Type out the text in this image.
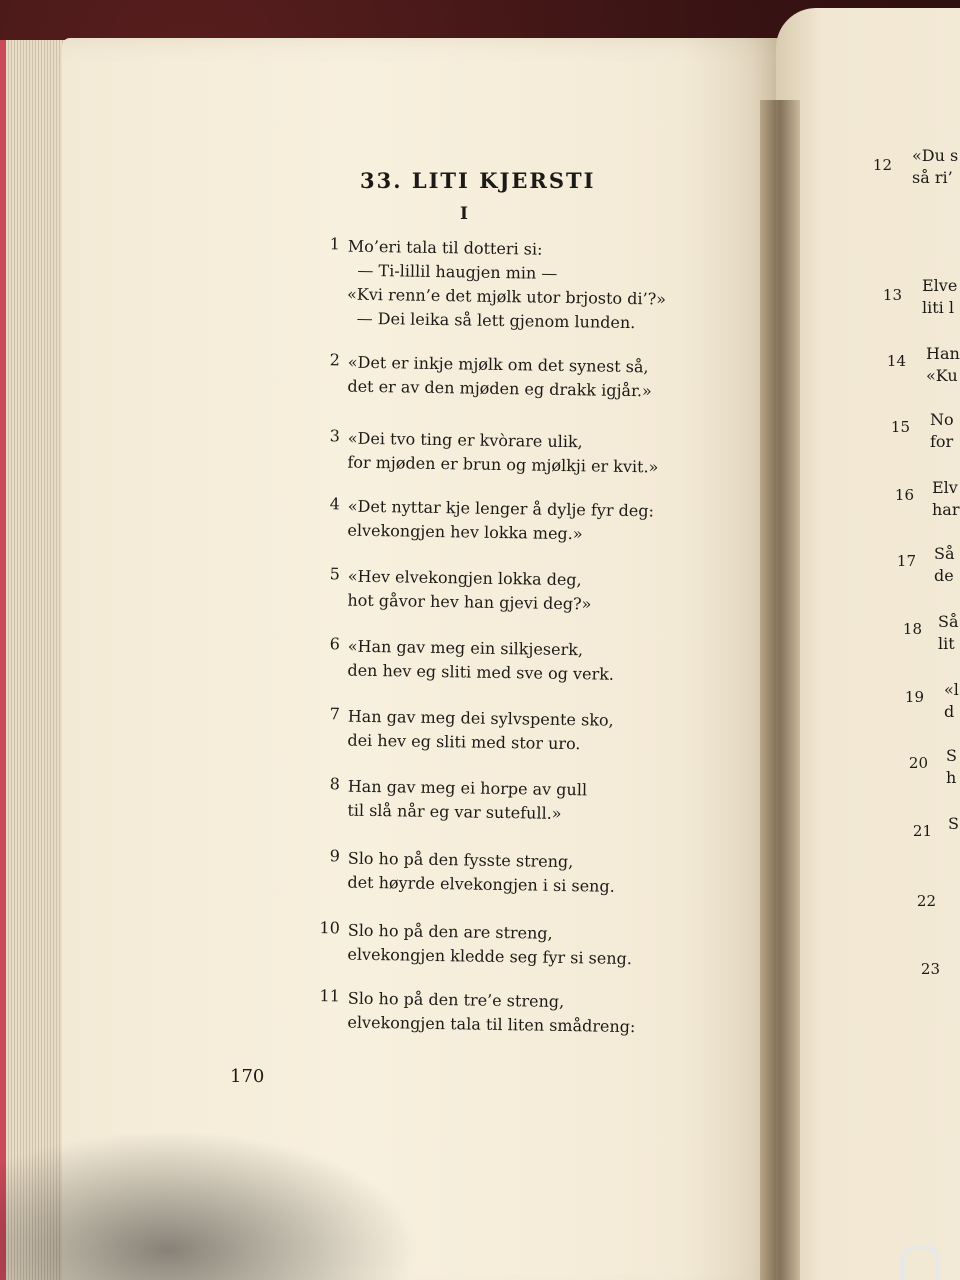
33. LITI KJERSTI
I
1 Mo’eri tala til dotteri si:
— Ti-lillil haugjen min —
«Kvi renn’e det mjølk utor brjosto di’?»
— Dei leika så lett gjenom lunden.
2 «Det er inkje mjølk om det synest så,
det er av den mjøden eg drakk igjår.»
3 «Dei tvo ting er kvòrare ulik,
for mjøden er brun og mjølkji er kvit.»
4 «Det nyttar kje lenger å dylje fyr deg:
elvekongjen hev lokka meg.»
5 «Hev elvekongjen lokka deg,
hot gåvor hev han gjevi deg?»
6 «Han gav meg ein silkjeserk,
den hev eg sliti med sve og verk.
7 Han gav meg dei sylvspente sko,
dei hev eg sliti med stor uro.
8 Han gav meg ei horpe av gull
til slå når eg var sutefull.»
9 Slo ho på den fysste streng,
det høyrde elvekongjen i si seng.
10 Slo ho på den are streng,
elvekongjen kledde seg fyr si seng.
11 Slo ho på den tre’e streng,
elvekongjen tala til liten smådreng:
170
12 «Du s
så ri’
13 Elve
liti l
14 Han
«Ku
15 No
for
16 Elv
har
17 Så
de
18 Så
lit
19 «l
d
20 S
h
21 S
22
23
